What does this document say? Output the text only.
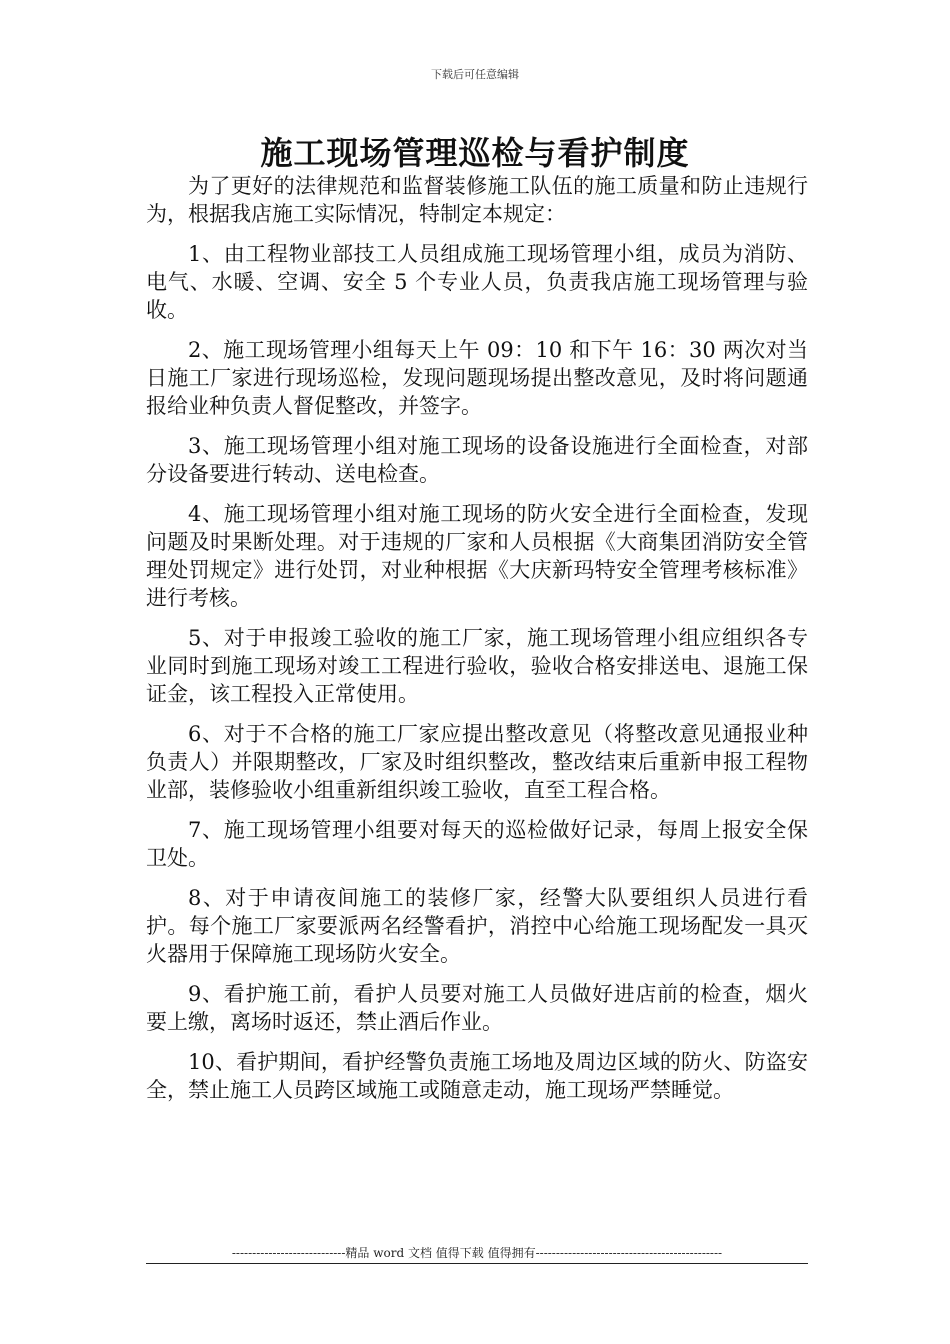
下载后可任意编辑
施工现场管理巡检与看护制度

为了更好的法律规范和监督装修施工队伍的施工质量和防止违规行为，根据我店施工实际情况，特制定本规定：

1、由工程物业部技工人员组成施工现场管理小组，成员为消防、电气、水暖、空调、安全 5 个专业人员，负责我店施工现场管理与验收。

2、施工现场管理小组每天上午 09：10 和下午 16：30 两次对当日施工厂家进行现场巡检，发现问题现场提出整改意见，及时将问题通报给业种负责人督促整改，并签字。

3、施工现场管理小组对施工现场的设备设施进行全面检查，对部分设备要进行转动、送电检查。

4、施工现场管理小组对施工现场的防火安全进行全面检查，发现问题及时果断处理。对于违规的厂家和人员根据《大商集团消防安全管理处罚规定》进行处罚，对业种根据《大庆新玛特安全管理考核标准》进行考核。

5、对于申报竣工验收的施工厂家，施工现场管理小组应组织各专业同时到施工现场对竣工工程进行验收，验收合格安排送电、退施工保证金，该工程投入正常使用。

6、对于不合格的施工厂家应提出整改意见（将整改意见通报业种负责人）并限期整改，厂家及时组织整改，整改结束后重新申报工程物业部，装修验收小组重新组织竣工验收，直至工程合格。

7、施工现场管理小组要对每天的巡检做好记录，每周上报安全保卫处。

8、对于申请夜间施工的装修厂家，经警大队要组织人员进行看护。每个施工厂家要派两名经警看护，消控中心给施工现场配发一具灭火器用于保障施工现场防火安全。

9、看护施工前，看护人员要对施工人员做好进店前的检查，烟火要上缴，离场时返还，禁止酒后作业。

10、看护期间，看护经警负责施工场地及周边区域的防火、防盗安全，禁止施工人员跨区域施工或随意走动，施工现场严禁睡觉。

----------------------------精品 word 文档 值得下载 值得拥有----------------------------------------------
